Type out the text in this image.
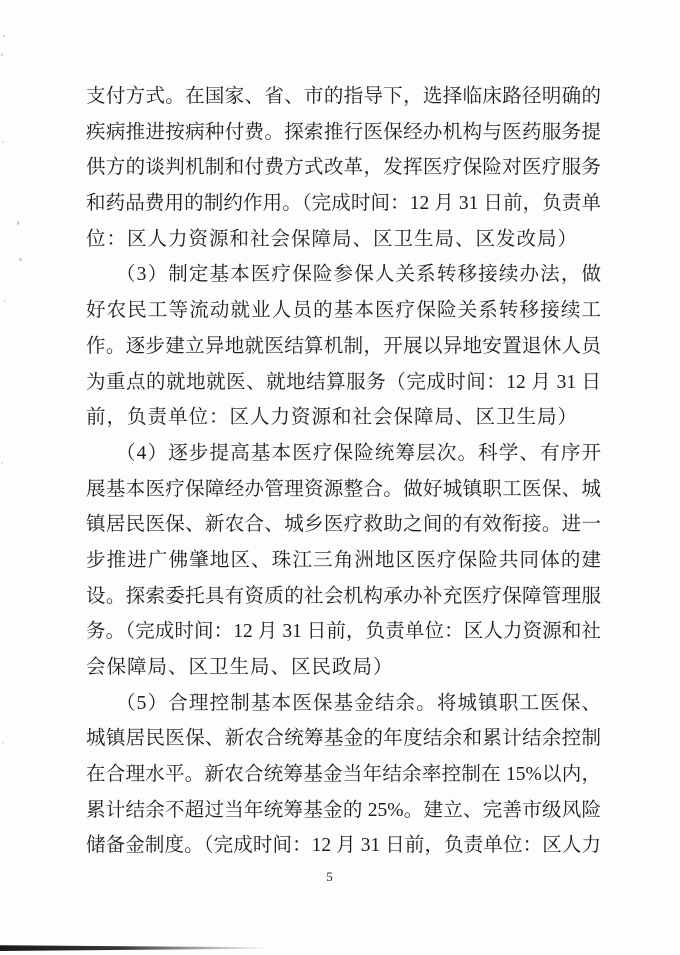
支付方式。在国家、省、市的指导下，选择临床路径明确的
疾病推进按病种付费。探索推行医保经办机构与医药服务提
供方的谈判机制和付费方式改革，发挥医疗保险对医疗服务
和药品费用的制约作用。（完成时间：12 月 31 日前，负责单
位：区人力资源和社会保障局、区卫生局、区发改局）
（3）制定基本医疗保险参保人关系转移接续办法，做
好农民工等流动就业人员的基本医疗保险关系转移接续工
作。逐步建立异地就医结算机制，开展以异地安置退休人员
为重点的就地就医、就地结算服务（完成时间：12 月 31 日
前，负责单位：区人力资源和社会保障局、区卫生局）
（4）逐步提高基本医疗保险统筹层次。科学、有序开
展基本医疗保障经办管理资源整合。做好城镇职工医保、城
镇居民医保、新农合、城乡医疗救助之间的有效衔接。进一
步推进广佛肇地区、珠江三角洲地区医疗保险共同体的建
设。探索委托具有资质的社会机构承办补充医疗保障管理服
务。（完成时间：12 月 31 日前，负责单位：区人力资源和社
会保障局、区卫生局、区民政局）
（5）合理控制基本医保基金结余。将城镇职工医保、
城镇居民医保、新农合统筹基金的年度结余和累计结余控制
在合理水平。新农合统筹基金当年结余率控制在 15%以内，
累计结余不超过当年统筹基金的 25%。建立、完善市级风险
储备金制度。（完成时间：12 月 31 日前，负责单位：区人力
5
